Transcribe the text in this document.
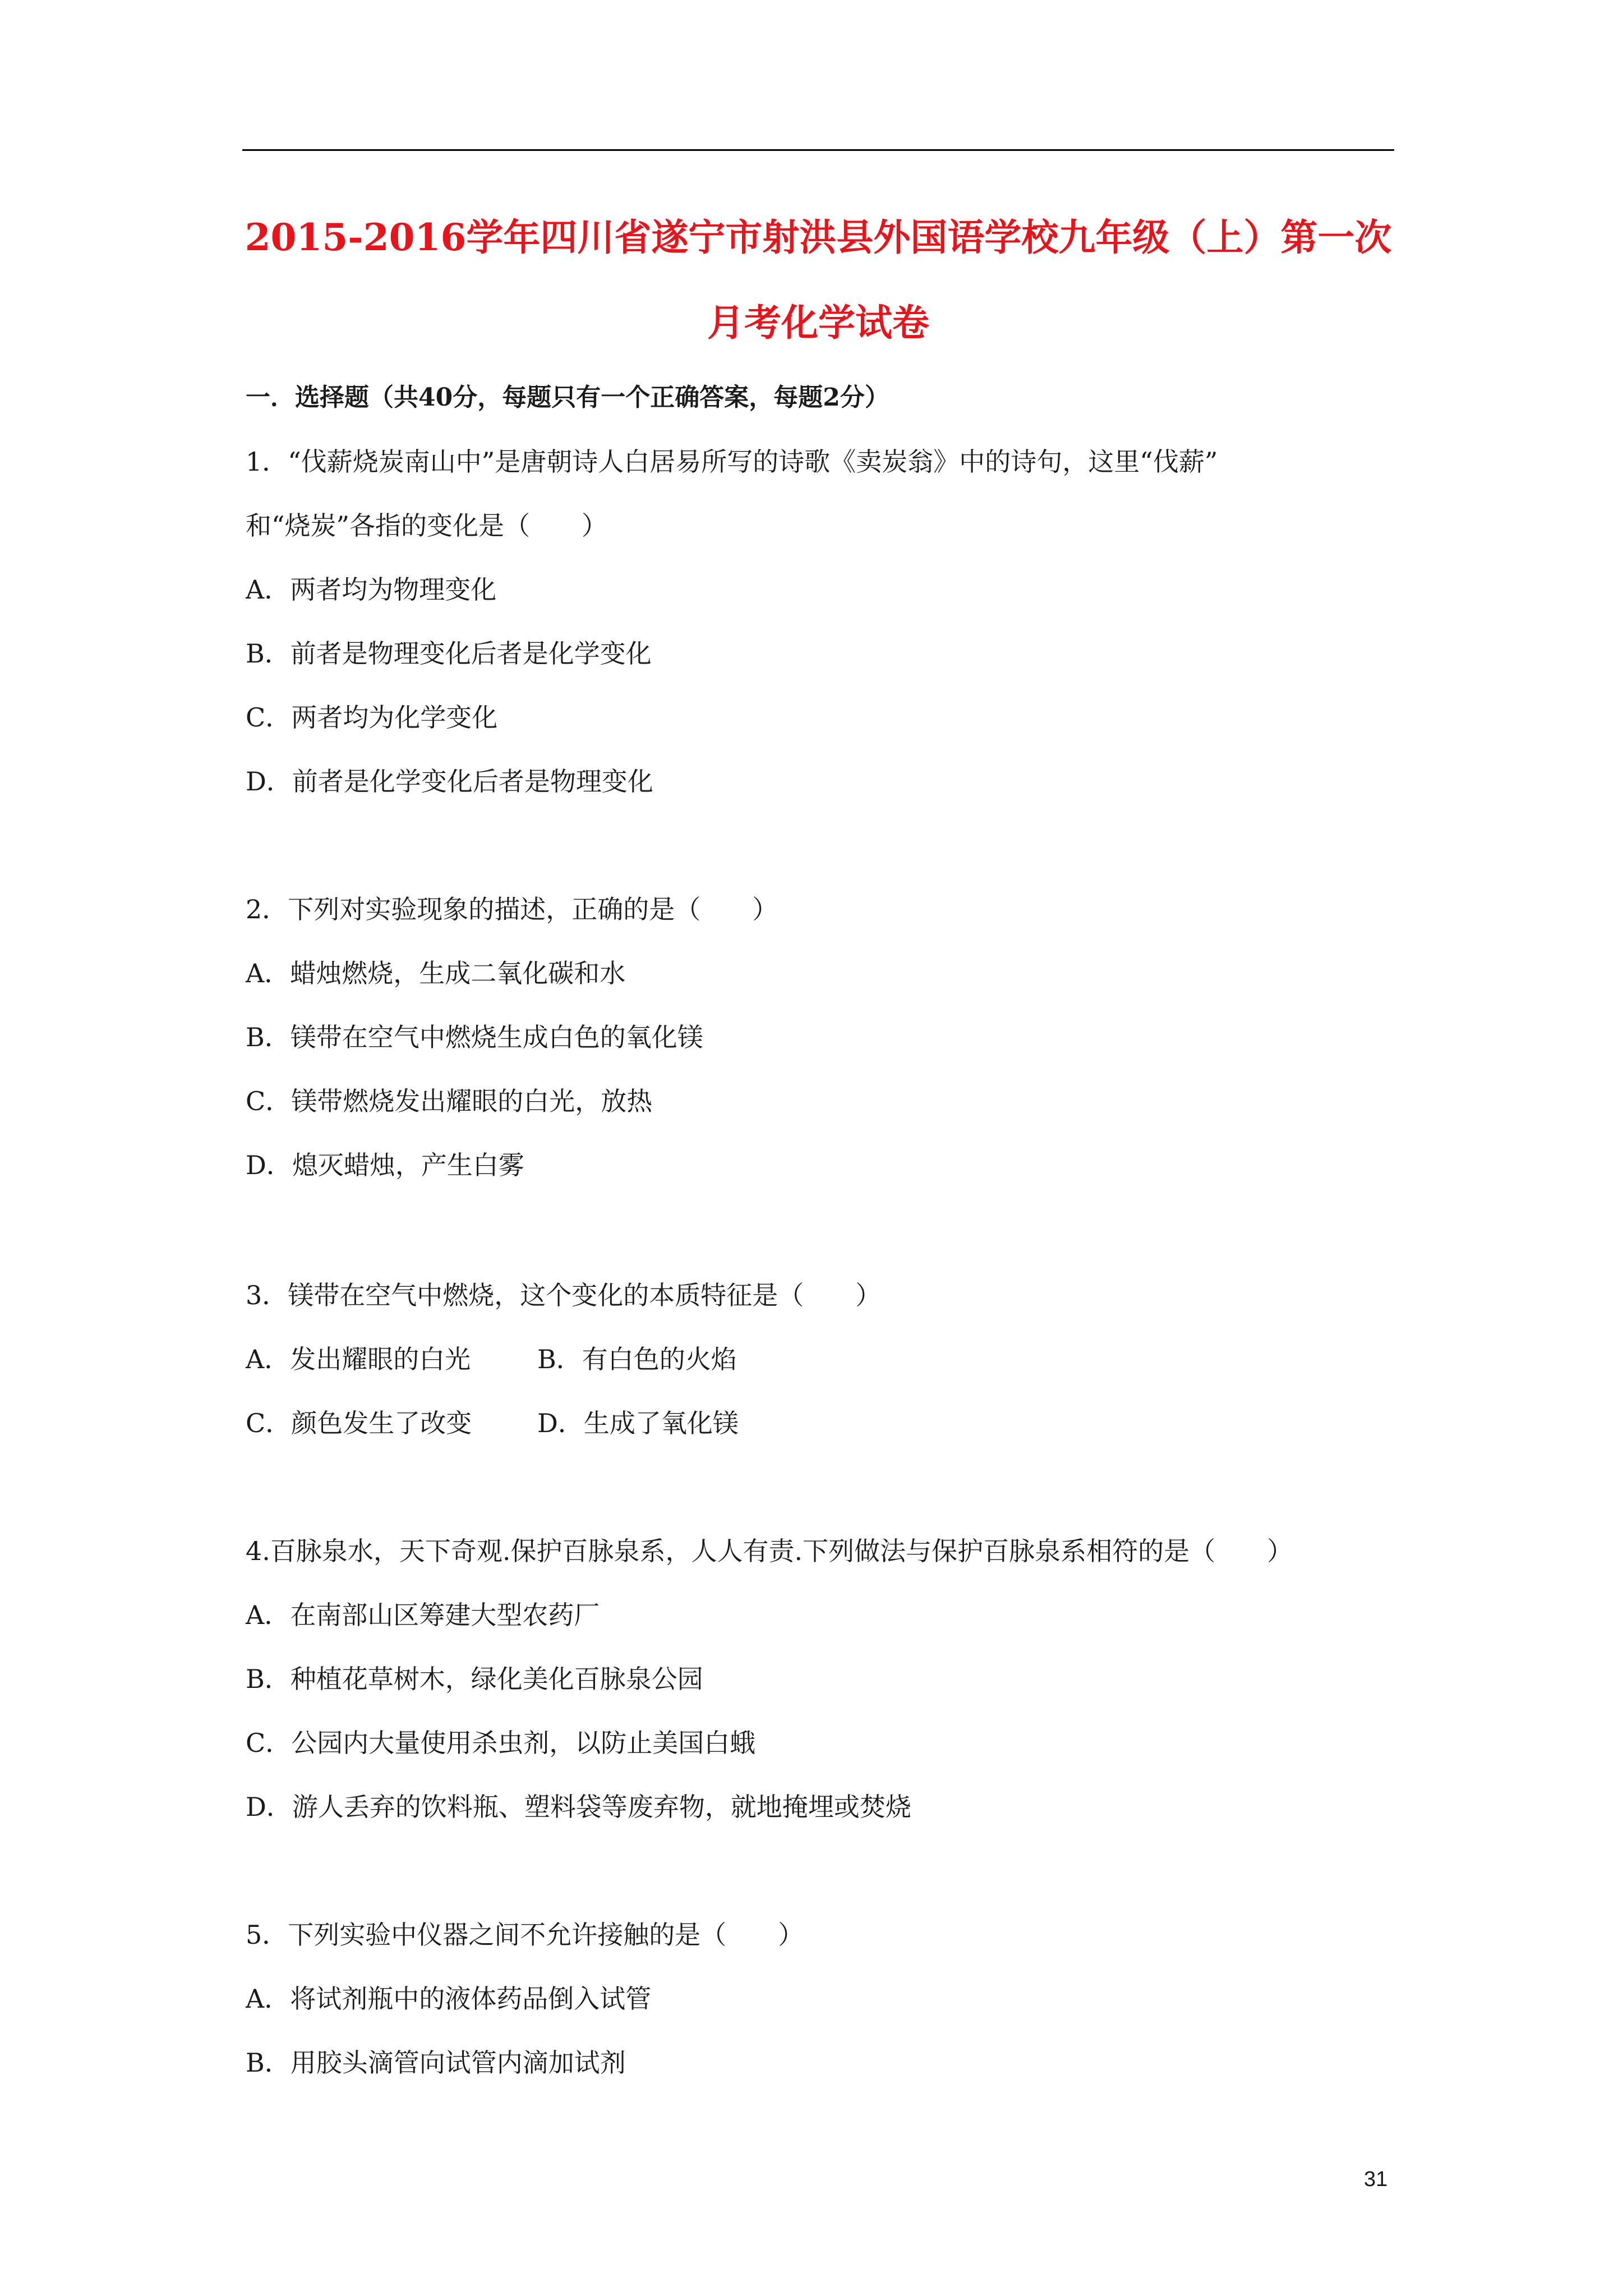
2015-2016学年四川省遂宁市射洪县外国语学校九年级（上）第一次
月考化学试卷
一．选择题（共40分，每题只有一个正确答案，每题2分）
1．“伐薪烧炭南山中”是唐朝诗人白居易所写的诗歌《卖炭翁》中的诗句，这里“伐薪”
和“烧炭”各指的变化是（　　）
A．两者均为物理变化
B．前者是物理变化后者是化学变化
C．两者均为化学变化
D．前者是化学变化后者是物理变化
2．下列对实验现象的描述，正确的是（　　）
A．蜡烛燃烧，生成二氧化碳和水
B．镁带在空气中燃烧生成白色的氧化镁
C．镁带燃烧发出耀眼的白光，放热
D．熄灭蜡烛，产生白雾
3．镁带在空气中燃烧，这个变化的本质特征是（　　）
A．发出耀眼的白光	B．有白色的火焰
C．颜色发生了改变	D．生成了氧化镁
4.百脉泉水，天下奇观.保护百脉泉系，人人有责.下列做法与保护百脉泉系相符的是（　　）
A．在南部山区筹建大型农药厂
B．种植花草树木，绿化美化百脉泉公园
C．公园内大量使用杀虫剂，以防止美国白蛾
D．游人丢弃的饮料瓶、塑料袋等废弃物，就地掩埋或焚烧
5．下列实验中仪器之间不允许接触的是（　　）
A．将试剂瓶中的液体药品倒入试管
B．用胶头滴管向试管内滴加试剂
31
